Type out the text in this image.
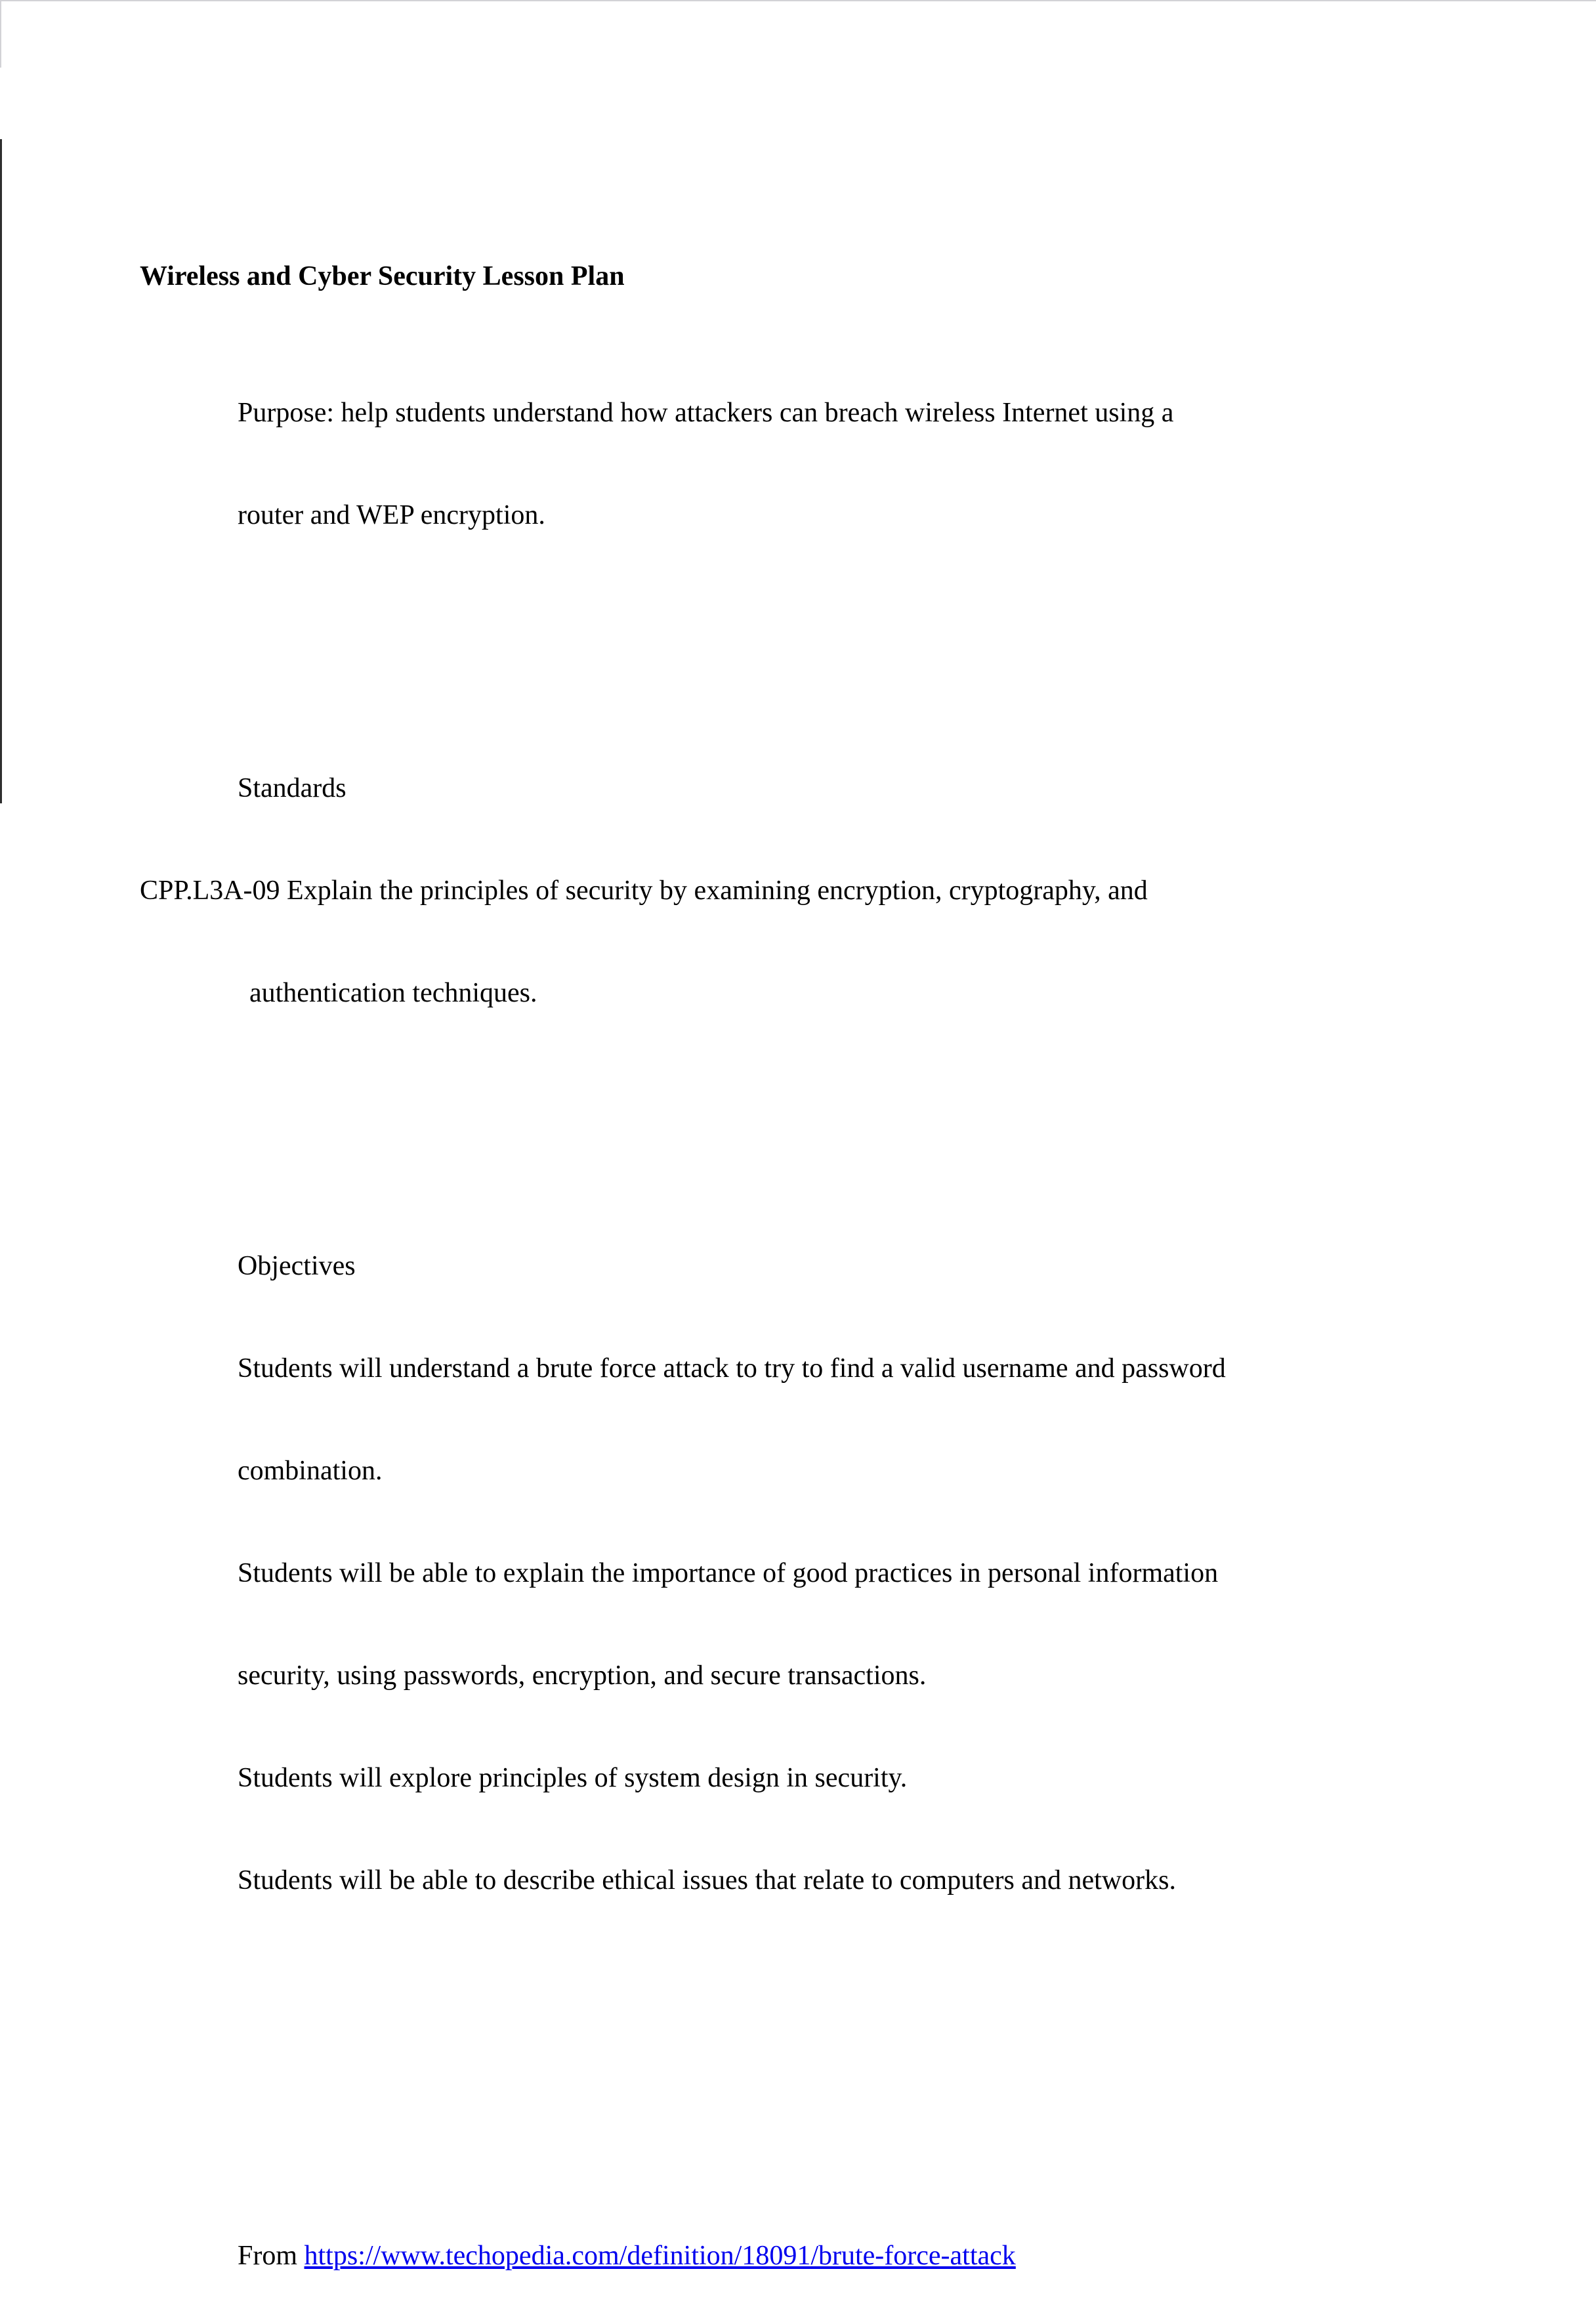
Wireless and Cyber Security Lesson Plan

Purpose: help students understand how attackers can breach wireless Internet using a

router and WEP encryption.

Standards

CPP.L3A-09 Explain the principles of security by examining encryption, cryptography, and

authentication techniques.

Objectives

Students will understand a brute force attack to try to find a valid username and password

combination.

Students will be able to explain the importance of good practices in personal information

security, using passwords, encryption, and secure transactions.

Students will explore principles of system design in security.

Students will be able to describe ethical issues that relate to computers and networks.

From https://www.techopedia.com/definition/18091/brute-force-attack
